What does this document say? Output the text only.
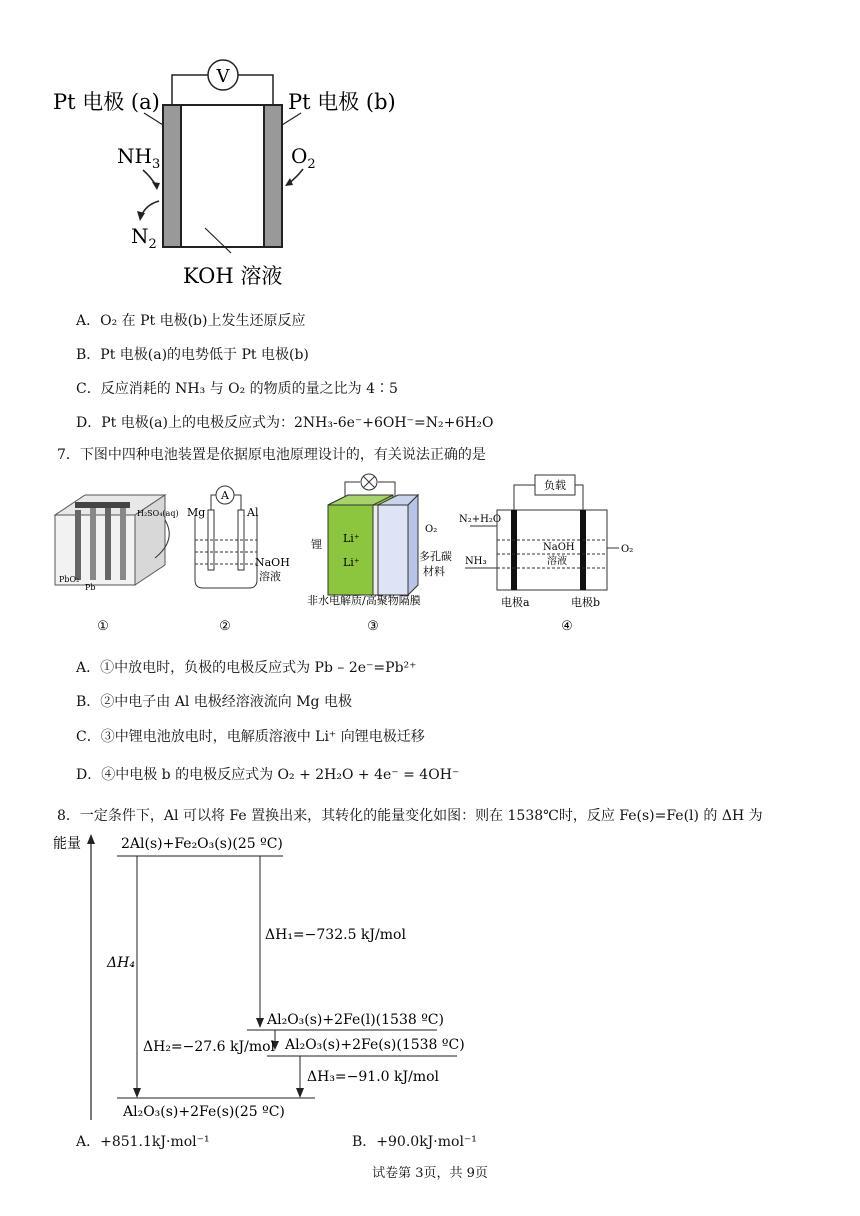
V
Pt 电极 (a)	Pt 电极 (b)
$NH_3$	$O_2$
$N_2$
KOH 溶液
A．O₂ 在 Pt 电极(b)上发生还原反应
B．Pt 电极(a)的电势低于 Pt 电极(b)
C．反应消耗的 NH₃ 与 O₂ 的物质的量之比为 4∶5
D．Pt 电极(a)上的电极反应式为：2NH₃-6e⁻+6OH⁻=N₂+6H₂O
7．下图中四种电池装置是依据原电池原理设计的，有关说法正确的是
H₂SO₄(aq)
PbO₂
Pb
①
A
Mg	Al
NaOH
溶液
②
锂 Li⁺
Li⁺
O₂
多孔碳
材料
非水电解质/高聚物隔膜
③
负载
N₂+H₂O
NH₃
NaOH
溶液
O₂
电极a	电极b
④
A．①中放电时，负极的电极反应式为 Pb – 2e⁻=Pb²⁺
B．②中电子由 Al 电极经溶液流向 Mg 电极
C．③中锂电池放电时，电解质溶液中 Li⁺ 向锂电极迁移
D．④中电极 b 的电极反应式为 O₂ + 2H₂O + 4e⁻ = 4OH⁻
8．一定条件下，Al 可以将 Fe 置换出来，其转化的能量变化如图：则在 1538℃时，反应 Fe(s)=Fe(l) 的 ΔH 为
能量	2Al(s)+Fe₂O₃(s)(25 ºC)
ΔH₄
ΔH₁=−732.5 kJ/mol
Al₂O₃(s)+2Fe(l)(1538 ºC)
ΔH₂=−27.6 kJ/mol Al₂O₃(s)+2Fe(s)(1538 ºC)
ΔH₃=−91.0 kJ/mol
Al₂O₃(s)+2Fe(s)(25 ºC)
A．+851.1kJ·mol⁻¹	B．+90.0kJ·mol⁻¹
试卷第 3页，共 9页
